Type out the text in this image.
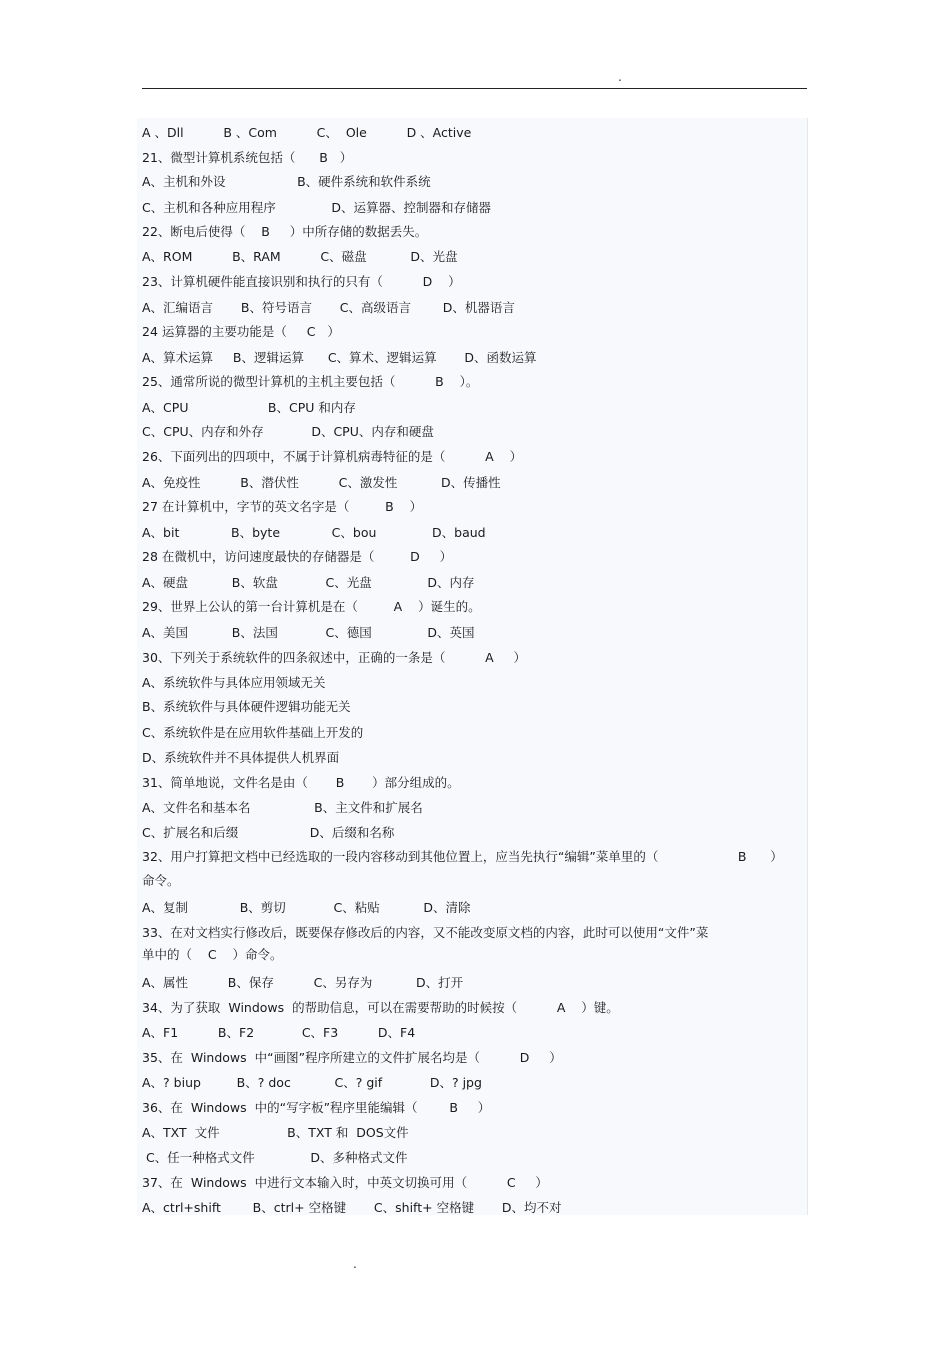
.
A 、Dll          B 、Com          C、  Ole          D 、Active
21、微型计算机系统包括（      B   ）
A、主机和外设                  B、硬件系统和软件系统
C、主机和各种应用程序              D、运算器、控制器和存储器
22、断电后使得（    B     ）中所存储的数据丢失。
A、ROM          B、RAM          C、磁盘           D、光盘
23、计算机硬件能直接识别和执行的只有（          D    ）
A、汇编语言       B、符号语言       C、高级语言        D、机器语言
24 运算器的主要功能是（     C   ）
A、算术运算     B、逻辑运算      C、算术、逻辑运算       D、函数运算
25、通常所说的微型计算机的主机主要包括（          B    ）。
A、CPU                    B、CPU 和内存
C、CPU、内存和外存            D、CPU、内存和硬盘
26、下面列出的四项中，不属于计算机病毒特征的是（          A    ）
A、免疫性          B、潜伏性          C、激发性           D、传播性
27 在计算机中，字节的英文名字是（         B    ）
A、bit             B、byte             C、bou              D、baud
28 在微机中，访问速度最快的存储器是（         D     ）
A、硬盘           B、软盘            C、光盘              D、内存
29、世界上公认的第一台计算机是在（         A    ）诞生的。
A、美国           B、法国            C、德国              D、英国
30、下列关于系统软件的四条叙述中，正确的一条是（          A     ）
A、系统软件与具体应用领域无关
B、系统软件与具体硬件逻辑功能无关
C、系统软件是在应用软件基础上开发的
D、系统软件并不具体提供人机界面
31、简单地说，文件名是由（       B       ）部分组成的。
A、文件名和基本名                B、主文件和扩展名
C、扩展名和后缀                  D、后缀和名称
32、用户打算把文档中已经选取的一段内容移动到其他位置上，应当先执行“编辑”菜单里的（                    B      ）
命令。
A、复制             B、剪切            C、粘贴           D、清除
33、在对文档实行修改后，既要保存修改后的内容，又不能改变原文档的内容，此时可以使用“文件”菜
单中的（    C    ）命令。
A、属性          B、保存          C、另存为           D、打开
34、为了获取  Windows  的帮助信息，可以在需要帮助的时候按（          A    ）键。
A、F1          B、F2            C、F3          D、F4
35、在  Windows  中“画图”程序所建立的文件扩展名均是（          D     ）
A、? biup         B、? doc           C、? gif            D、? jpg
36、在  Windows  中的“写字板”程序里能编辑（        B     ）
A、TXT  文件                 B、TXT 和  DOS文件
C、任一种格式文件              D、多种格式文件
37、在  Windows  中进行文本输入时，中英文切换可用（          C     ）
A、ctrl+shift        B、ctrl+ 空格键       C、shift+ 空格键       D、均不对
.
